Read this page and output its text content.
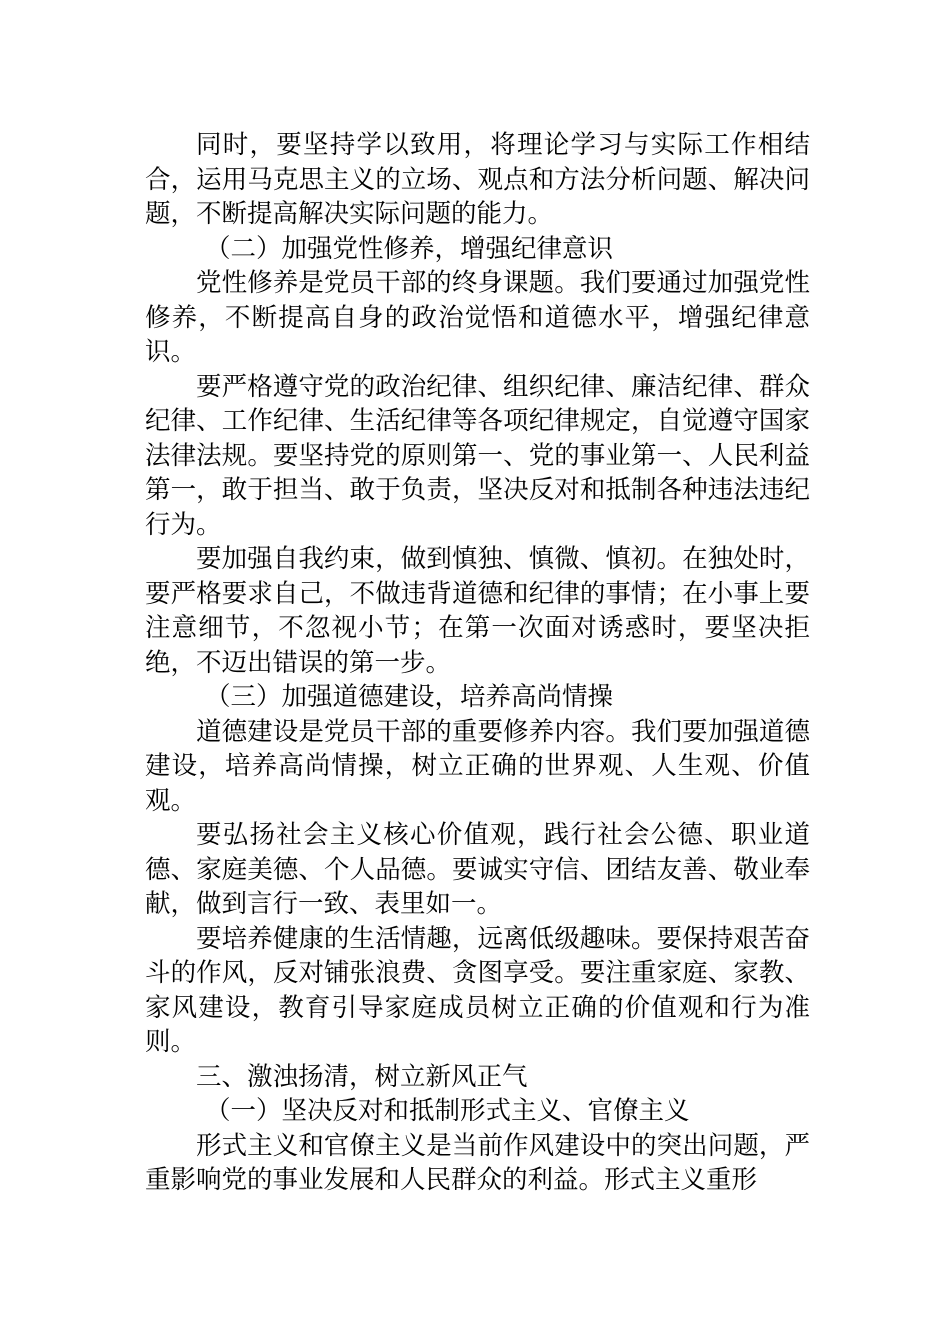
同时，要坚持学以致用，将理论学习与实际工作相结合，运用马克思主义的立场、观点和方法分析问题、解决问题，不断提高解决实际问题的能力。

（二）加强党性修养，增强纪律意识

党性修养是党员干部的终身课题。我们要通过加强党性修养，不断提高自身的政治觉悟和道德水平，增强纪律意识。

要严格遵守党的政治纪律、组织纪律、廉洁纪律、群众纪律、工作纪律、生活纪律等各项纪律规定，自觉遵守国家法律法规。要坚持党的原则第一、党的事业第一、人民利益第一，敢于担当、敢于负责，坚决反对和抵制各种违法违纪行为。

要加强自我约束，做到慎独、慎微、慎初。在独处时，要严格要求自己，不做违背道德和纪律的事情；在小事上要注意细节，不忽视小节；在第一次面对诱惑时，要坚决拒绝，不迈出错误的第一步。

（三）加强道德建设，培养高尚情操

道德建设是党员干部的重要修养内容。我们要加强道德建设，培养高尚情操，树立正确的世界观、人生观、价值观。

要弘扬社会主义核心价值观，践行社会公德、职业道德、家庭美德、个人品德。要诚实守信、团结友善、敬业奉献，做到言行一致、表里如一。

要培养健康的生活情趣，远离低级趣味。要保持艰苦奋斗的作风，反对铺张浪费、贪图享受。要注重家庭、家教、家风建设，教育引导家庭成员树立正确的价值观和行为准则。

三、激浊扬清，树立新风正气

（一）坚决反对和抵制形式主义、官僚主义

形式主义和官僚主义是当前作风建设中的突出问题，严重影响党的事业发展和人民群众的利益。形式主义重形
